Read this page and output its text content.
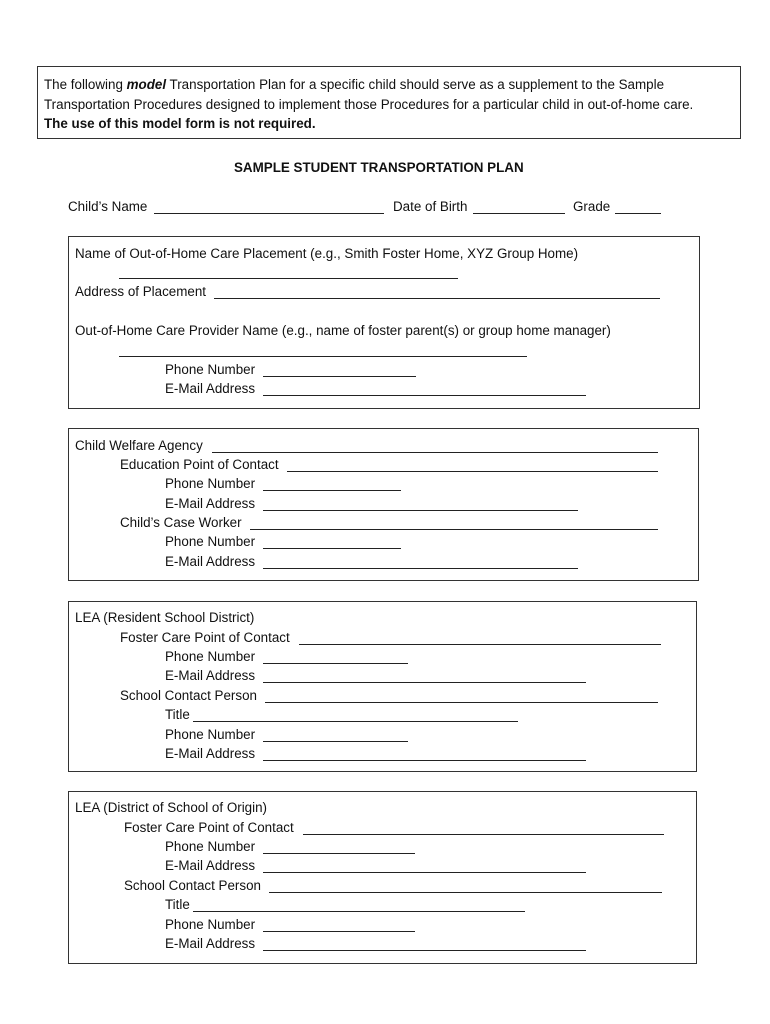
The following model Transportation Plan for a specific child should serve as a supplement to the Sample
Transportation Procedures designed to implement those Procedures for a particular child in out-of-home care.
The use of this model form is not required.
SAMPLE STUDENT TRANSPORTATION PLAN
Child’s Name	Date of Birth	Grade
Name of Out-of-Home Care Placement (e.g., Smith Foster Home, XYZ Group Home)
Address of Placement
Out-of-Home Care Provider Name (e.g., name of foster parent(s) or group home manager)
Phone Number
E-Mail Address
Child Welfare Agency
Education Point of Contact
Phone Number
E-Mail Address
Child’s Case Worker
Phone Number
E-Mail Address
LEA (Resident School District)
Foster Care Point of Contact
Phone Number
E-Mail Address
School Contact Person
Title
Phone Number
E-Mail Address
LEA (District of School of Origin)
Foster Care Point of Contact
Phone Number
E-Mail Address
School Contact Person
Title
Phone Number
E-Mail Address
